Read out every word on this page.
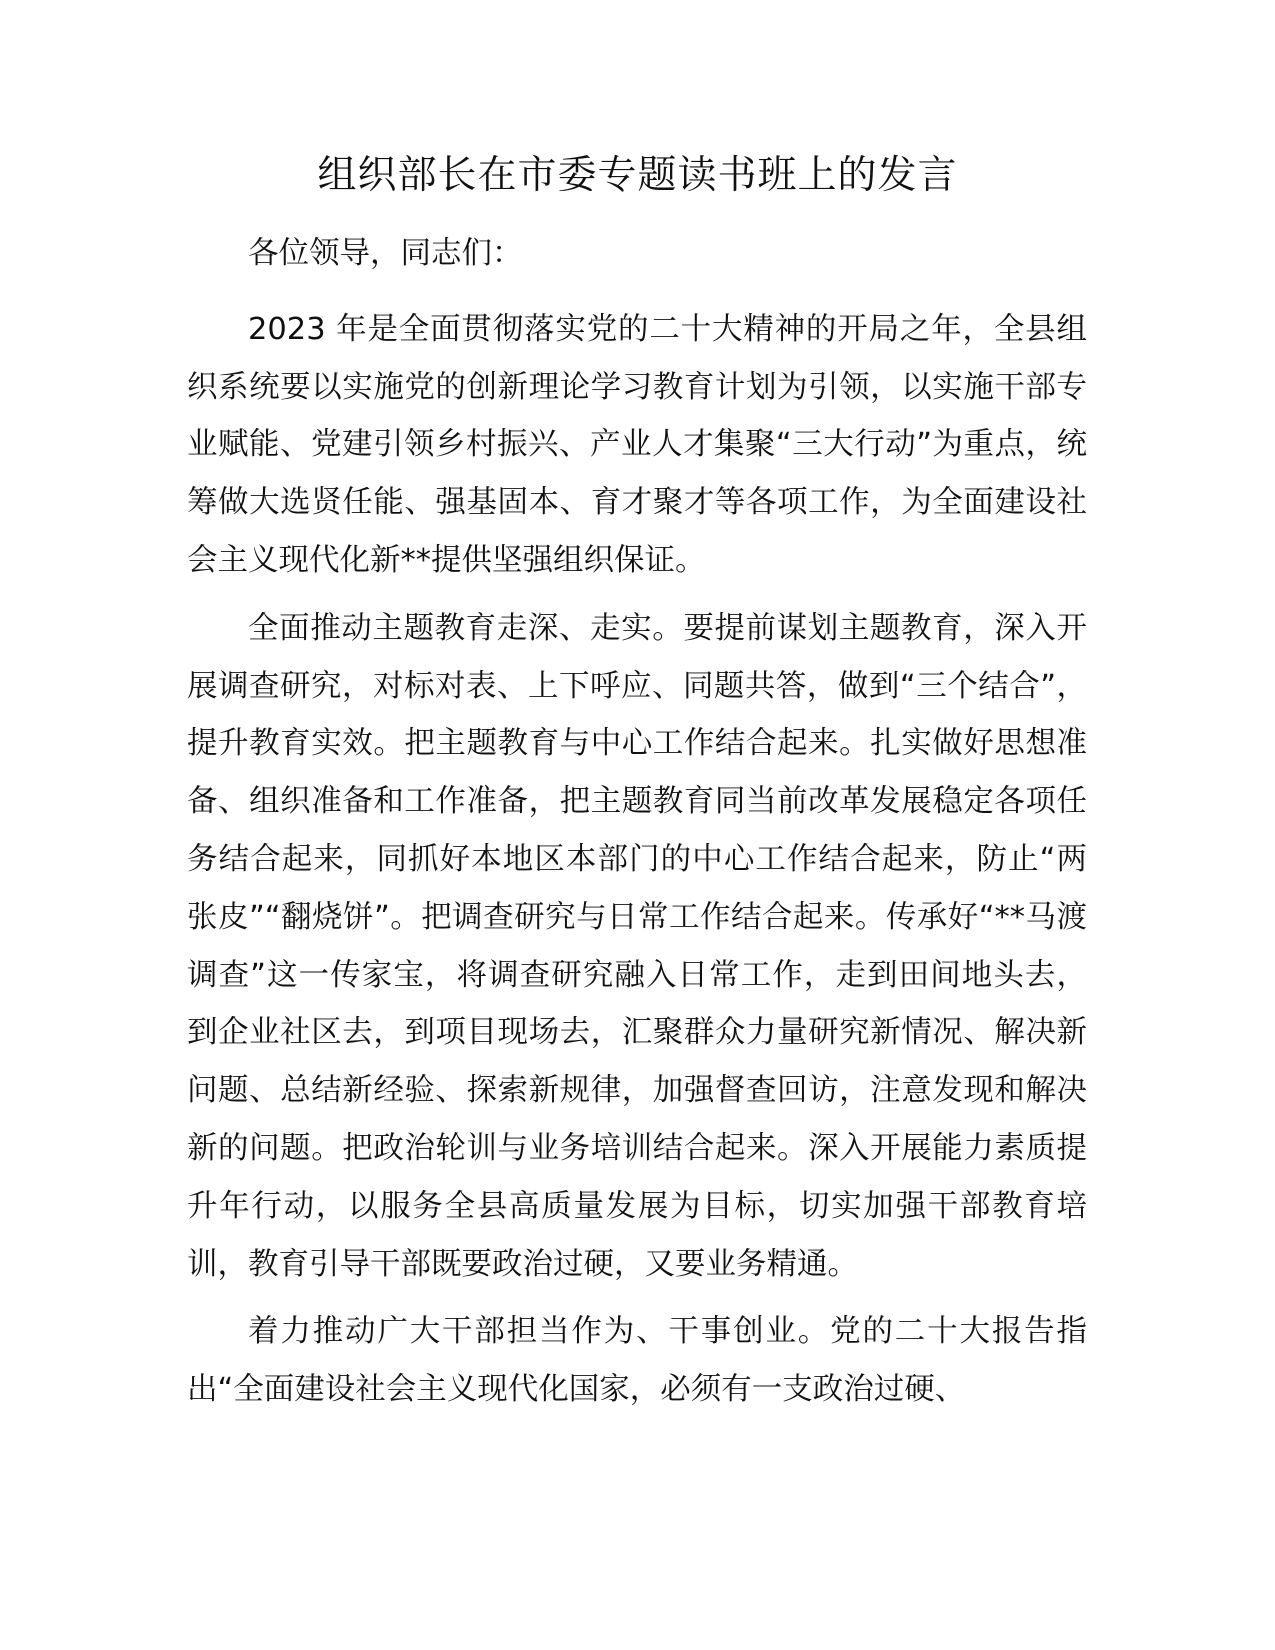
组织部长在市委专题读书班上的发言

各位领导，同志们：

2023 年是全面贯彻落实党的二十大精神的开局之年，全县组织系统要以实施党的创新理论学习教育计划为引领，以实施干部专业赋能、党建引领乡村振兴、产业人才集聚“三大行动”为重点，统筹做大选贤任能、强基固本、育才聚才等各项工作，为全面建设社会主义现代化新**提供坚强组织保证。

全面推动主题教育走深、走实。要提前谋划主题教育，深入开展调查研究，对标对表、上下呼应、同题共答，做到“三个结合”，提升教育实效。把主题教育与中心工作结合起来。扎实做好思想准备、组织准备和工作准备，把主题教育同当前改革发展稳定各项任务结合起来，同抓好本地区本部门的中心工作结合起来，防止“两张皮”“翻烧饼”。把调查研究与日常工作结合起来。传承好“**马渡调查”这一传家宝，将调查研究融入日常工作，走到田间地头去，到企业社区去，到项目现场去，汇聚群众力量研究新情况、解决新问题、总结新经验、探索新规律，加强督查回访，注意发现和解决新的问题。把政治轮训与业务培训结合起来。深入开展能力素质提升年行动，以服务全县高质量发展为目标，切实加强干部教育培训，教育引导干部既要政治过硬，又要业务精通。

着力推动广大干部担当作为、干事创业。党的二十大报告指出“全面建设社会主义现代化国家，必须有一支政治过硬、
